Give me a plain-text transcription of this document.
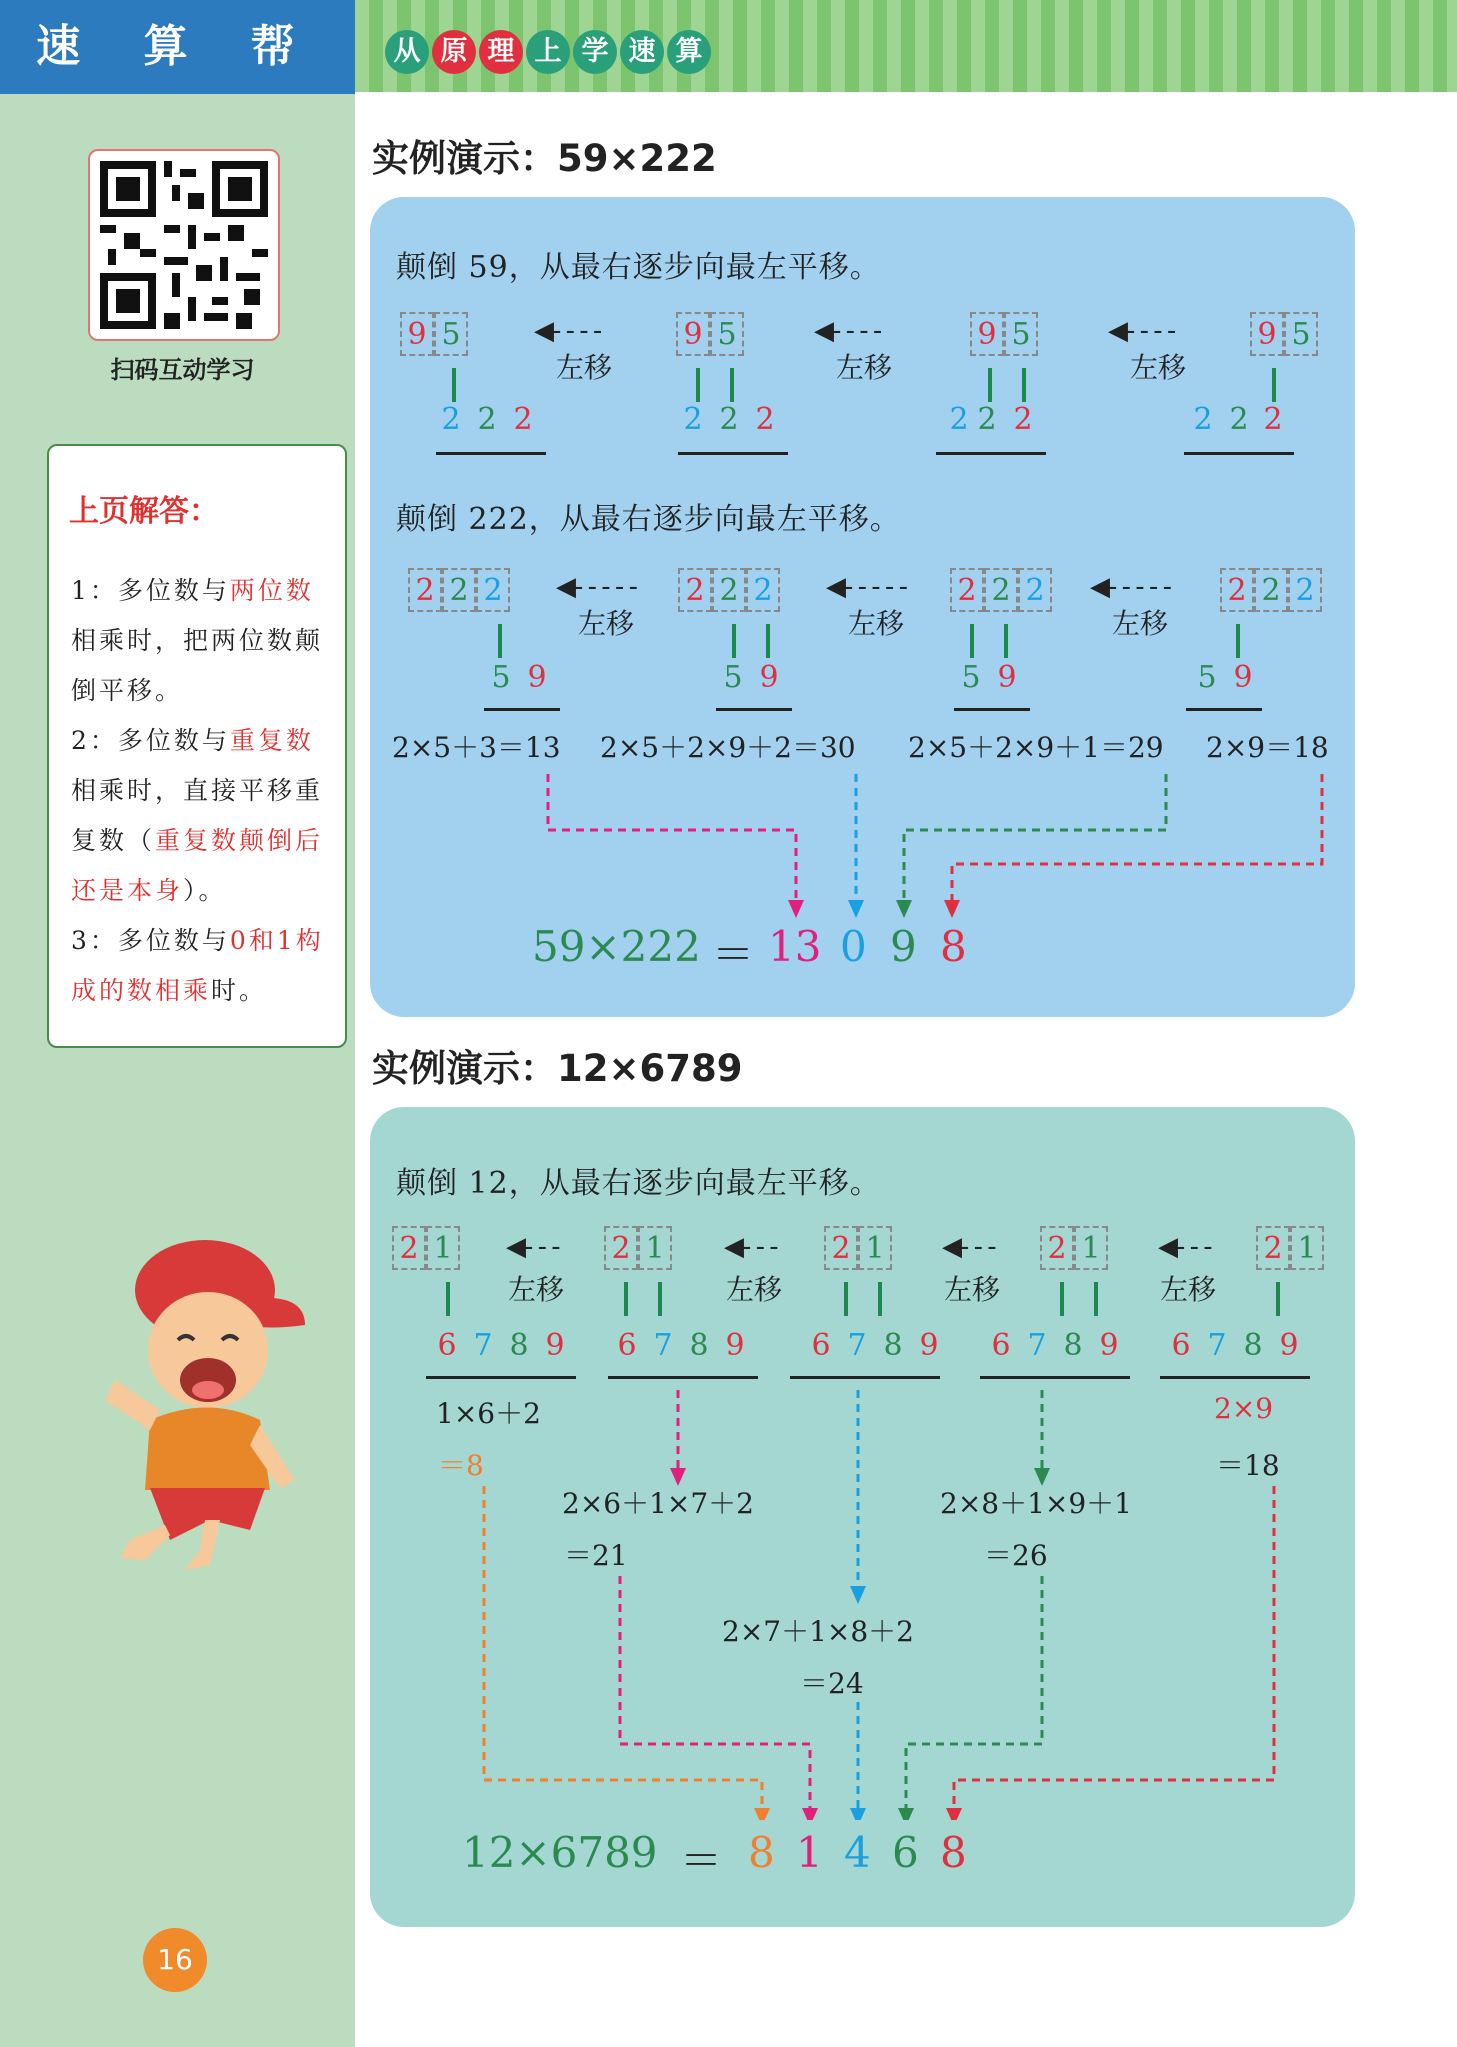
速 算 帮
扫码互动学习
上页解答：
1：多位数与两位数相乘时，把两位数颠倒平移。
2：多位数与重复数相乘时，直接平移重复数（重复数颠倒后还是本身）。
3：多位数与0和1构成的数相乘时。
16
从 原 理 上 学 速 算
实例演示：59×222
颠倒 59，从最右逐步向最左平移。
9 5
2 2 2
◀- - - -
左移
9 5
2 2 2
◀- - - -
左移
9 5
2 2 2
◀- - - -
左移
9 5
2 2 2
颠倒 222，从最右逐步向最左平移。
2 2 2
5 9
◀- - - - -
左移
2 2 2
5 9
◀- - - - -
左移
2 2 2
5 9
◀- - - - -
左移
2 2 2
5 9
2×5＋3＝13 2×5＋2×9＋2＝30 2×5＋2×9＋1＝29 2×9＝18
59×222 ＝ 13 0 9 8
实例演示：12×6789
颠倒 12，从最右逐步向最左平移。
2 1
6 7 8 9
◀- - -
左移
2 1
6 7 8 9
◀- - -
左移
2 1
6 7 8 9
◀- - -
左移
2 1
6 7 8 9
◀- - -
左移
2 1
6 7 8 9
1×6＋2
＝8
2×6＋1×7＋2
＝21
2×7＋1×8＋2
＝24
2×8＋1×9＋1
＝26
2×9
＝18
12×6789 ＝ 8 1 4 6 8
